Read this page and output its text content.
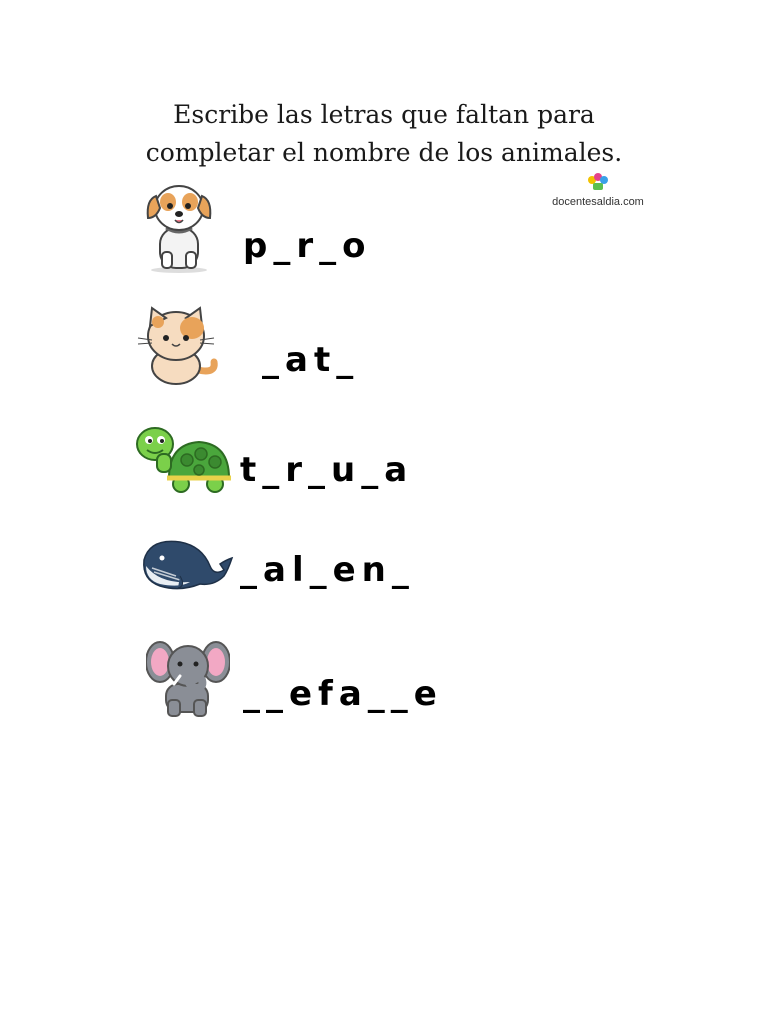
Escribe las letras que faltan para
completar el nombre de los animales.
docentesaldia.com
p_r_o
_at_
t_r_u_a
_al_en_
__efa__e
